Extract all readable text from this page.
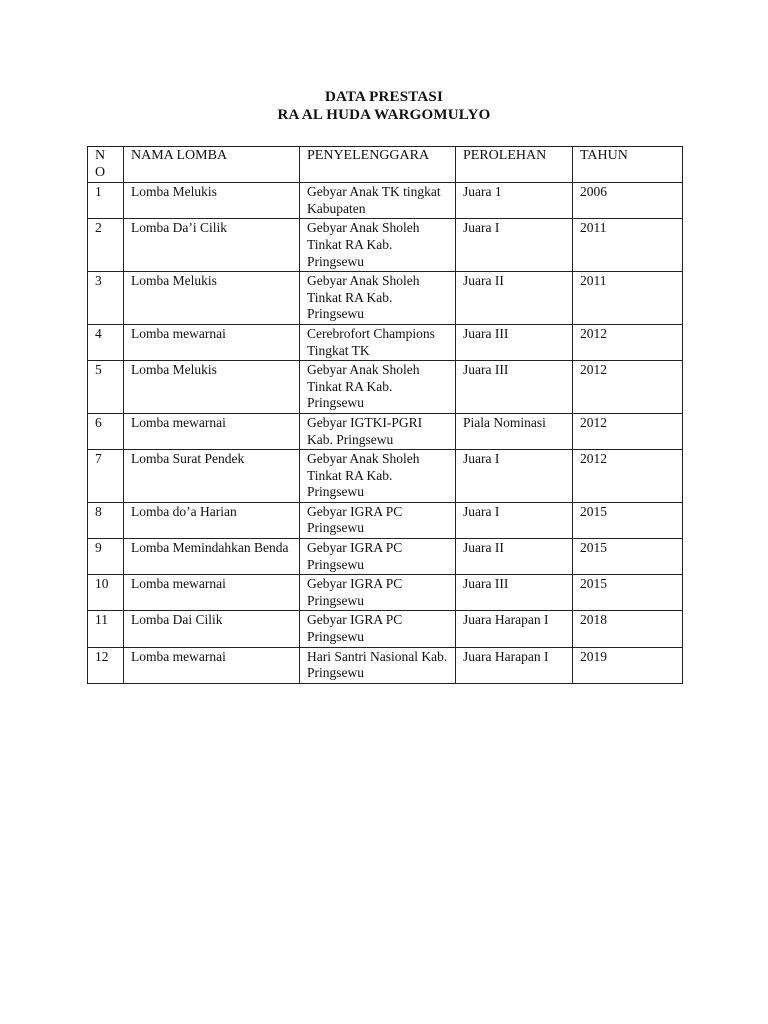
DATA PRESTASI
RA AL HUDA WARGOMULYO
N O	NAMA LOMBA	PENYELENGGARA	PEROLEHAN	TAHUN
1	Lomba Melukis	Gebyar Anak TK tingkat Kabupaten	Juara 1	2006
2	Lomba Da’i Cilik	Gebyar Anak Sholeh Tinkat RA Kab. Pringsewu	Juara I	2011
3	Lomba Melukis	Gebyar Anak Sholeh Tinkat RA Kab. Pringsewu	Juara II	2011
4	Lomba mewarnai	Cerebrofort Champions Tingkat TK	Juara III	2012
5	Lomba Melukis	Gebyar Anak Sholeh Tinkat RA Kab. Pringsewu	Juara III	2012
6	Lomba mewarnai	Gebyar IGTKI-PGRI Kab. Pringsewu	Piala Nominasi	2012
7	Lomba Surat Pendek	Gebyar Anak Sholeh Tinkat RA Kab. Pringsewu	Juara I	2012
8	Lomba do’a Harian	Gebyar IGRA PC Pringsewu	Juara I	2015
9	Lomba Memindahkan Benda	Gebyar IGRA PC Pringsewu	Juara II	2015
10	Lomba mewarnai	Gebyar IGRA PC Pringsewu	Juara III	2015
11	Lomba Dai Cilik	Gebyar IGRA PC Pringsewu	Juara Harapan I	2018
12	Lomba mewarnai	Hari Santri Nasional Kab. Pringsewu	Juara Harapan I	2019
